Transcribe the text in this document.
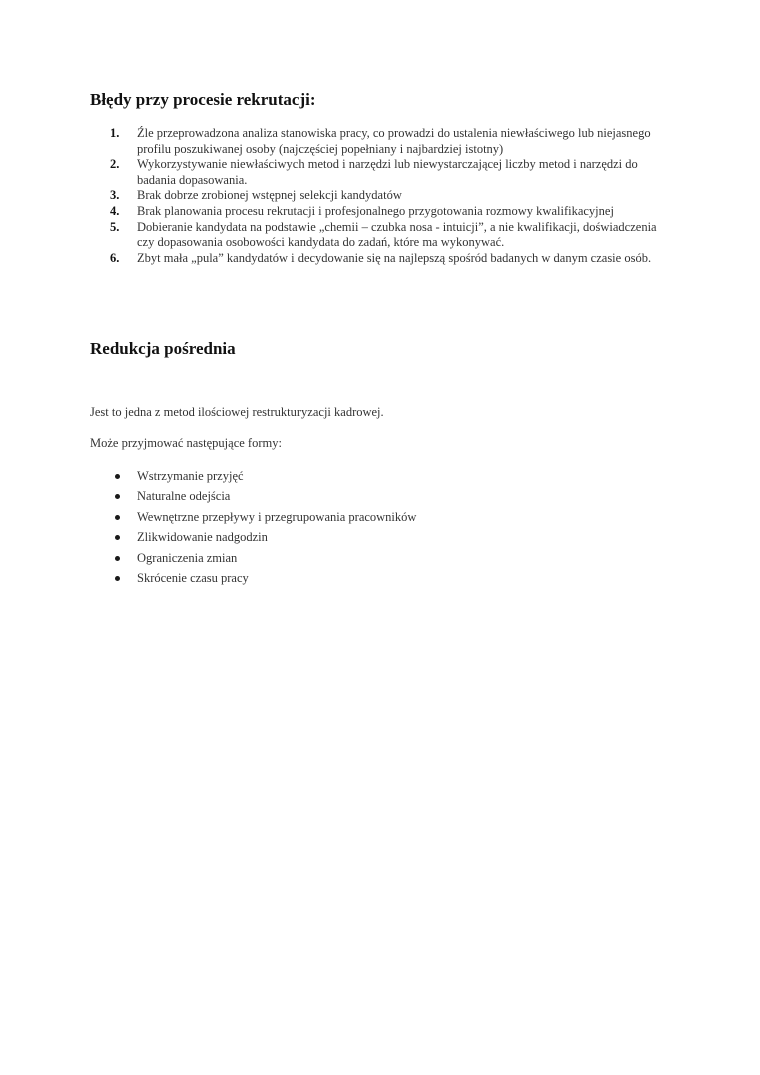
Błędy przy procesie rekrutacji:
1. Źle przeprowadzona analiza stanowiska pracy, co prowadzi do ustalenia niewłaściwego lub niejasnego profilu poszukiwanej osoby (najczęściej popełniany i najbardziej istotny)
2. Wykorzystywanie niewłaściwych metod i narzędzi lub niewystarczającej liczby metod i narzędzi do badania dopasowania.
3. Brak dobrze zrobionej wstępnej selekcji kandydatów
4. Brak planowania procesu rekrutacji i profesjonalnego przygotowania rozmowy kwalifikacyjnej
5. Dobieranie kandydata na podstawie „chemii – czubka nosa - intuicji”, a nie kwalifikacji, doświadczenia czy dopasowania osobowości kandydata do zadań, które ma wykonywać.
6. Zbyt mała „pula” kandydatów i decydowanie się na najlepszą spośród badanych w danym czasie osób.
Redukcja pośrednia

Jest to jedna z metod ilościowej restrukturyzacji kadrowej.

Może przyjmować następujące formy:

Wstrzymanie przyjęć
Naturalne odejścia
Wewnętrzne przepływy i przegrupowania pracowników
Zlikwidowanie nadgodzin
Ograniczenia zmian
Skrócenie czasu pracy
